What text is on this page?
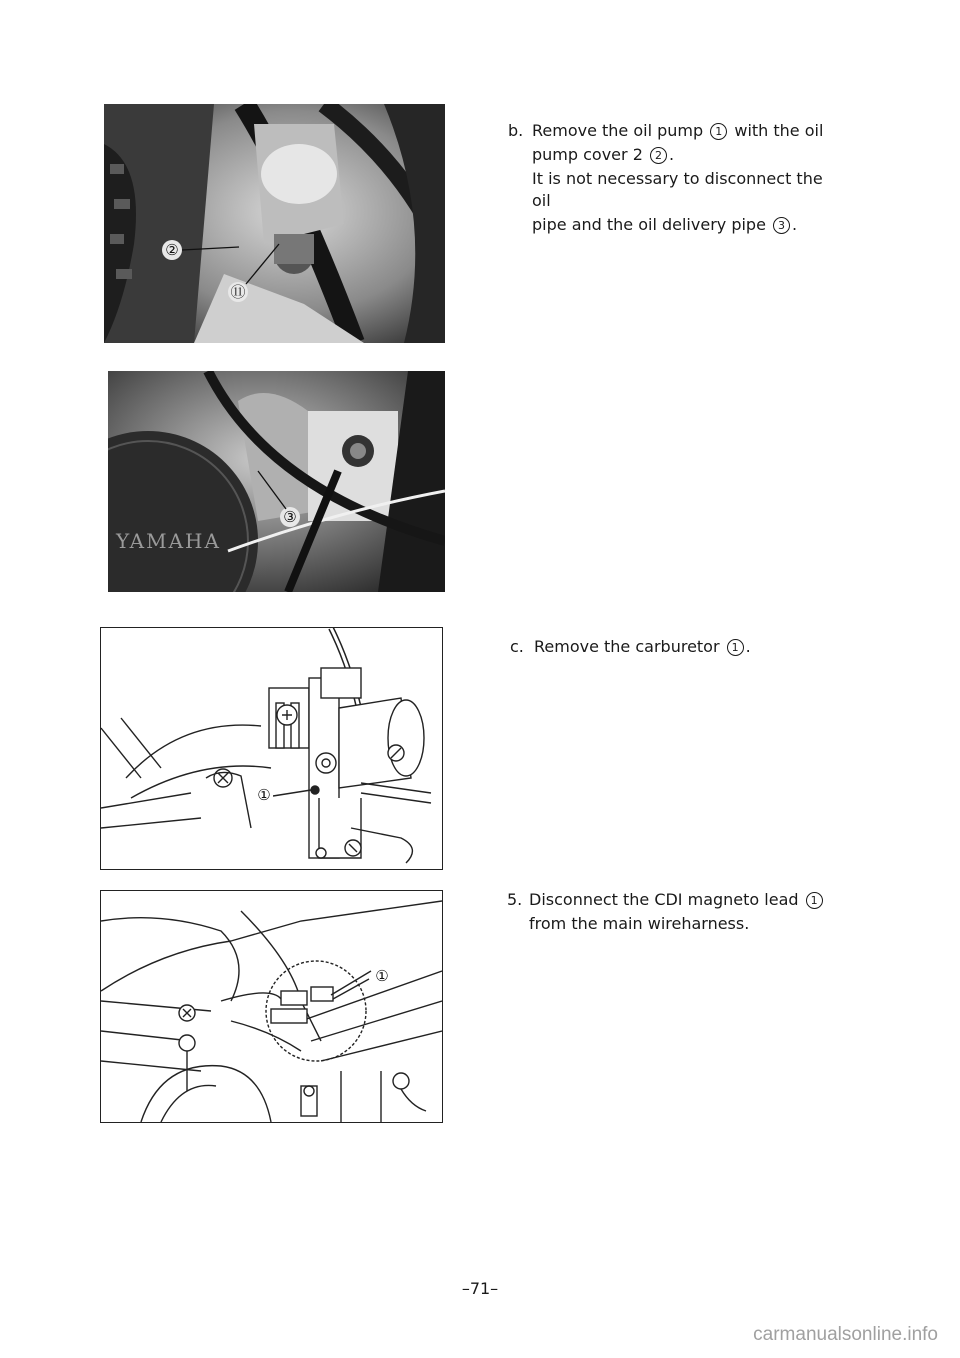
②
⑪
YAMAHA
③
①
①
b. Remove the oil pump 1 with the oil

pump cover 2 2 .

It is not necessary to disconnect the oil

pipe and the oil delivery pipe 3 .

c. Remove the carburetor 1 .

5. Disconnect the CDI magneto lead 1

from the main wireharness.

–71–
carmanualsonline.info
